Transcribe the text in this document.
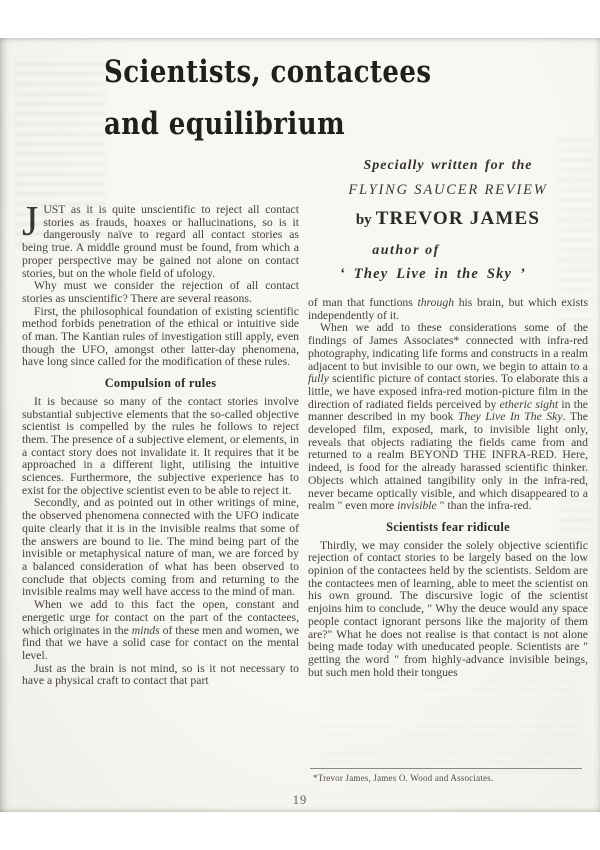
Scientists, contactees
and equilibrium
Specially written for the
FLYING SAUCER REVIEW
by TREVOR JAMES
author of
‘ They Live in the Sky ’

JUST as it is quite unscientific to reject all contact stories as frauds, hoaxes or hallucinations, so is it dangerously naïve to regard all contact stories as being true. A middle ground must be found, from which a proper perspective may be gained not alone on contact stories, but on the whole field of ufology.

Why must we consider the rejection of all contact stories as unscientific? There are several reasons.

First, the philosophical foundation of existing scientific method forbids penetration of the ethical or intuitive side of man. The Kantian rules of investigation still apply, even though the UFO, amongst other latter-day phenomena, have long since called for the modification of these rules.

Compulsion of rules

It is because so many of the contact stories involve substantial subjective elements that the so-called objective scientist is compelled by the rules he follows to reject them. The presence of a subjective element, or elements, in a contact story does not invalidate it. It requires that it be approached in a different light, utilising the intuitive sciences. Furthermore, the subjective experience has to exist for the objective scientist even to be able to reject it.

Secondly, and as pointed out in other writings of mine, the observed phenomena connected with the UFO indicate quite clearly that it is in the invisible realms that some of the answers are bound to lie. The mind being part of the invisible or metaphysical nature of man, we are forced by a balanced consideration of what has been observed to conclude that objects coming from and returning to the invisible realms may well have access to the mind of man.

When we add to this fact the open, constant and energetic urge for contact on the part of the contactees, which originates in the minds of these men and women, we find that we have a solid case for contact on the mental level.

Just as the brain is not mind, so is it not necessary to have a physical craft to contact that part

of man that functions through his brain, but which exists independently of it.

When we add to these considerations some of the findings of James Associates* connected with infra-red photography, indicating life forms and constructs in a realm adjacent to but invisible to our own, we begin to attain to a fully scientific picture of contact stories. To elaborate this a little, we have exposed infra-red motion-picture film in the direction of radiated fields perceived by etheric sight in the manner described in my book They Live In The Sky. The developed film, exposed, mark, to invisible light only, reveals that objects radiating the fields came from and returned to a realm BEYOND THE INFRA-RED. Here, indeed, is food for the already harassed scientific thinker. Objects which attained tangibility only in the infra-red, never became optically visible, and which disappeared to a realm " even more invisible " than the infra-red.

Scientists fear ridicule

Thirdly, we may consider the solely objective scientific rejection of contact stories to be largely based on the low opinion of the contactees held by the scientists. Seldom are the contactees men of learning, able to meet the scientist on his own ground. The discursive logic of the scientist enjoins him to conclude, " Why the deuce would any space people contact ignorant persons like the majority of them are?" What he does not realise is that contact is not alone being made today with uneducated people. Scientists are " getting the word " from highly-advance invisible beings, but such men hold their tongues

*Trevor James, James O. Wood and Associates.
19
